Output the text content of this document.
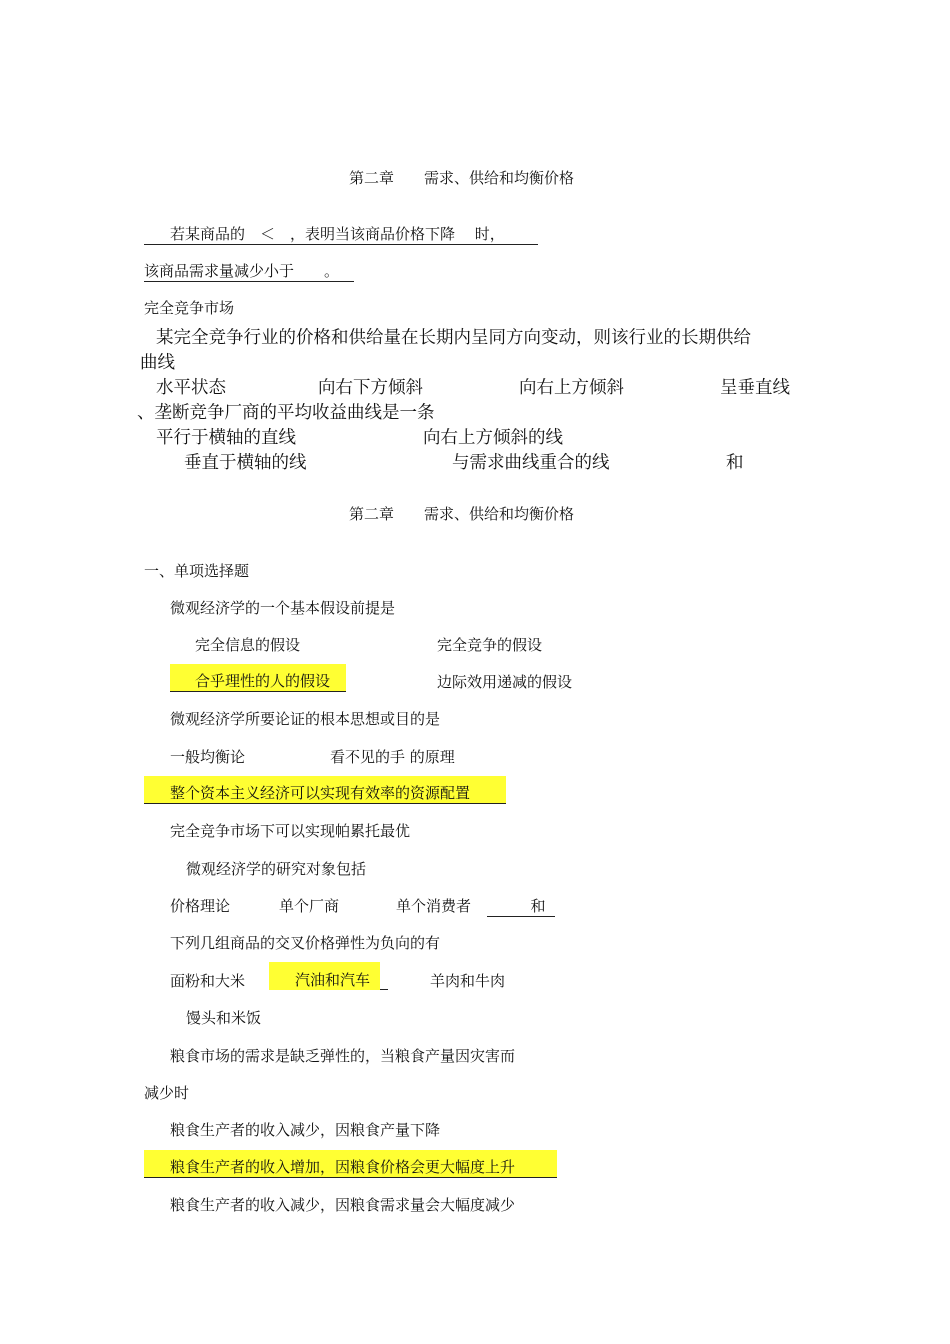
第二章　　需求、供给和均衡价格
若某商品的　＜　，表明当该商品价格下降　 时，
该商品需求量减少小于　　。
完全竞争市场
某完全竞争行业的价格和供给量在长期内呈同方向变动，则该行业的长期供给
曲线
水平状态	向右下方倾斜	向右上方倾斜	呈垂直线
、垄断竞争厂商的平均收益曲线是一条
平行于横轴的直线	向右上方倾斜的线
垂直于横轴的线	与需求曲线重合的线	和
第二章　　需求、供给和均衡价格
一、单项选择题
微观经济学的一个基本假设前提是
完全信息的假设	完全竞争的假设
合乎理性的人的假设	边际效用递减的假设
微观经济学所要论证的根本思想或目的是
一般均衡论	看不见的手 的原理
整个资本主义经济可以实现有效率的资源配置
完全竞争市场下可以实现帕累托最优
微观经济学的研究对象包括
价格理论	单个厂商	单个消费者	和
下列几组商品的交叉价格弹性为负向的有
面粉和大米	汽油和汽车	羊肉和牛肉
馒头和米饭
粮食市场的需求是缺乏弹性的，当粮食产量因灾害而
减少时
粮食生产者的收入减少，因粮食产量下降
粮食生产者的收入增加，因粮食价格会更大幅度上升
粮食生产者的收入减少，因粮食需求量会大幅度减少
